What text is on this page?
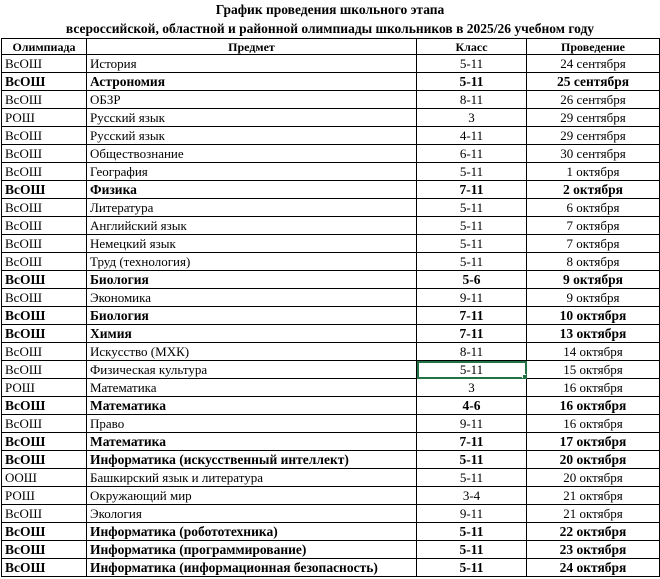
График проведения школьного этапа
всероссийской, областной и районной олимпиады школьников в 2025/26 учебном году
Олимпиада	Предмет	Класс	Проведение
ВсОШ	История	5-11	24 сентября
ВсОШ	Астрономия	5-11	25 сентября
ВсОШ	ОБЗР	8-11	26 сентября
РОШ	Русский язык	3	29 сентября
ВсОШ	Русский язык	4-11	29 сентября
ВсОШ	Обществознание	6-11	30 сентября
ВсОШ	География	5-11	1 октября
ВсОШ	Физика	7-11	2 октября
ВсОШ	Литература	5-11	6 октября
ВсОШ	Английский язык	5-11	7 октября
ВсОШ	Немецкий язык	5-11	7 октября
ВсОШ	Труд (технология)	5-11	8 октября
ВсОШ	Биология	5-6	9 октября
ВсОШ	Экономика	9-11	9 октября
ВсОШ	Биология	7-11	10 октября
ВсОШ	Химия	7-11	13 октября
ВсОШ	Искусство (МХК)	8-11	14 октября
ВсОШ	Физическая культура	5-11	15 октября
РОШ	Математика	3	16 октября
ВсОШ	Математика	4-6	16 октября
ВсОШ	Право	9-11	16 октября
ВсОШ	Математика	7-11	17 октября
ВсОШ	Информатика (искусственный интеллект)	5-11	20 октября
ООШ	Башкирский язык и литература	5-11	20 октября
РОШ	Окружающий мир	3-4	21 октября
ВсОШ	Экология	9-11	21 октября
ВсОШ	Информатика (робототехника)	5-11	22 октября
ВсОШ	Информатика (программирование)	5-11	23 октября
ВсОШ	Информатика (информационная безопасность)	5-11	24 октября
